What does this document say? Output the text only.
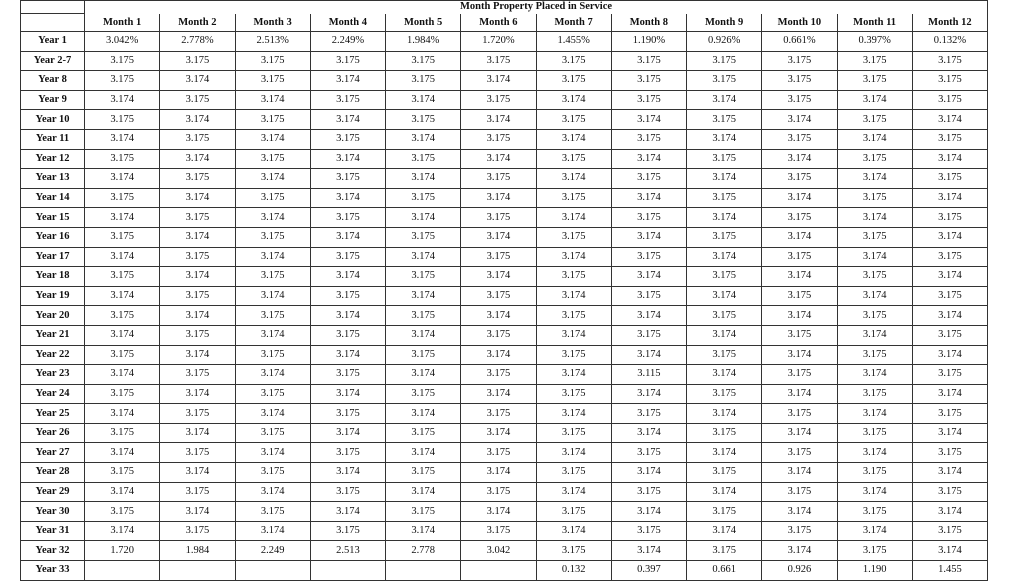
	Month Property Placed in Service											
	Month 1	Month 2	Month 3	Month 4	Month 5	Month 6	Month 7	Month 8	Month 9	Month 10	Month 11	Month 12
Year 1	3.042%	2.778%	2.513%	2.249%	1.984%	1.720%	1.455%	1.190%	0.926%	0.661%	0.397%	0.132%
Year 2-7	3.175	3.175	3.175	3.175	3.175	3.175	3.175	3.175	3.175	3.175	3.175	3.175
Year 8	3.175	3.174	3.175	3.174	3.175	3.174	3.175	3.175	3.175	3.175	3.175	3.175
Year 9	3.174	3.175	3.174	3.175	3.174	3.175	3.174	3.175	3.174	3.175	3.174	3.175
Year 10	3.175	3.174	3.175	3.174	3.175	3.174	3.175	3.174	3.175	3.174	3.175	3.174
Year 11	3.174	3.175	3.174	3.175	3.174	3.175	3.174	3.175	3.174	3.175	3.174	3.175
Year 12	3.175	3.174	3.175	3.174	3.175	3.174	3.175	3.174	3.175	3.174	3.175	3.174
Year 13	3.174	3.175	3.174	3.175	3.174	3.175	3.174	3.175	3.174	3.175	3.174	3.175
Year 14	3.175	3.174	3.175	3.174	3.175	3.174	3.175	3.174	3.175	3.174	3.175	3.174
Year 15	3.174	3.175	3.174	3.175	3.174	3.175	3.174	3.175	3.174	3.175	3.174	3.175
Year 16	3.175	3.174	3.175	3.174	3.175	3.174	3.175	3.174	3.175	3.174	3.175	3.174
Year 17	3.174	3.175	3.174	3.175	3.174	3.175	3.174	3.175	3.174	3.175	3.174	3.175
Year 18	3.175	3.174	3.175	3.174	3.175	3.174	3.175	3.174	3.175	3.174	3.175	3.174
Year 19	3.174	3.175	3.174	3.175	3.174	3.175	3.174	3.175	3.174	3.175	3.174	3.175
Year 20	3.175	3.174	3.175	3.174	3.175	3.174	3.175	3.174	3.175	3.174	3.175	3.174
Year 21	3.174	3.175	3.174	3.175	3.174	3.175	3.174	3.175	3.174	3.175	3.174	3.175
Year 22	3.175	3.174	3.175	3.174	3.175	3.174	3.175	3.174	3.175	3.174	3.175	3.174
Year 23	3.174	3.175	3.174	3.175	3.174	3.175	3.174	3.115	3.174	3.175	3.174	3.175
Year 24	3.175	3.174	3.175	3.174	3.175	3.174	3.175	3.174	3.175	3.174	3.175	3.174
Year 25	3.174	3.175	3.174	3.175	3.174	3.175	3.174	3.175	3.174	3.175	3.174	3.175
Year 26	3.175	3.174	3.175	3.174	3.175	3.174	3.175	3.174	3.175	3.174	3.175	3.174
Year 27	3.174	3.175	3.174	3.175	3.174	3.175	3.174	3.175	3.174	3.175	3.174	3.175
Year 28	3.175	3.174	3.175	3.174	3.175	3.174	3.175	3.174	3.175	3.174	3.175	3.174
Year 29	3.174	3.175	3.174	3.175	3.174	3.175	3.174	3.175	3.174	3.175	3.174	3.175
Year 30	3.175	3.174	3.175	3.174	3.175	3.174	3.175	3.174	3.175	3.174	3.175	3.174
Year 31	3.174	3.175	3.174	3.175	3.174	3.175	3.174	3.175	3.174	3.175	3.174	3.175
Year 32	1.720	1.984	2.249	2.513	2.778	3.042	3.175	3.174	3.175	3.174	3.175	3.174
Year 33							0.132	0.397	0.661	0.926	1.190	1.455
